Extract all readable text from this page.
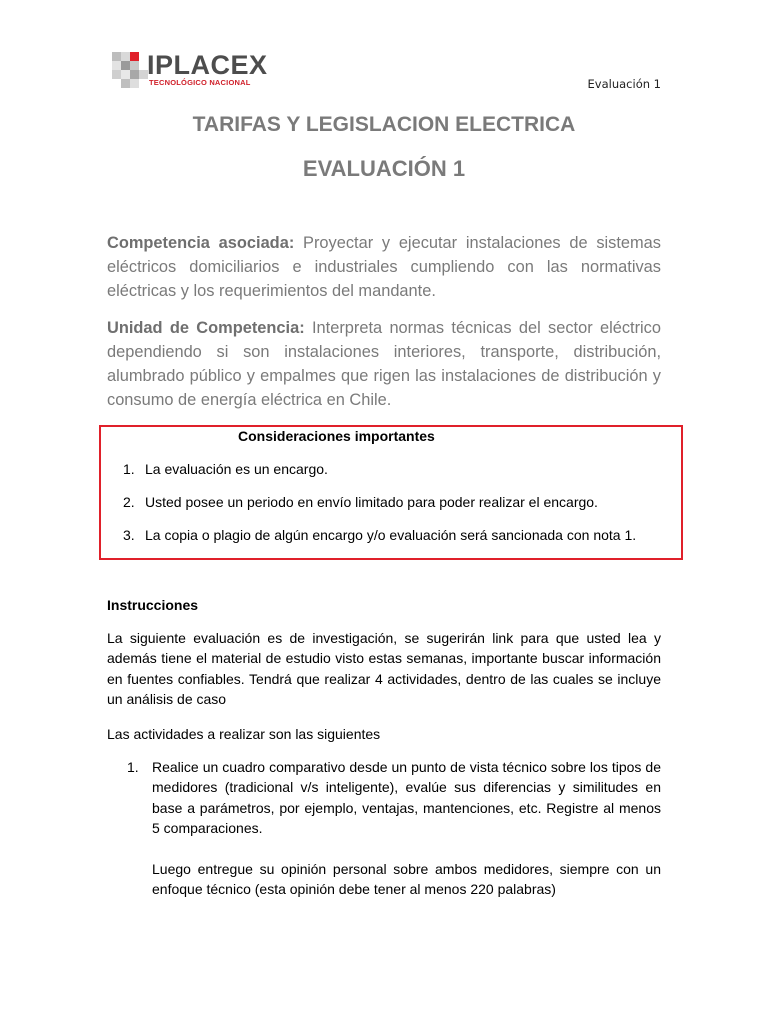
IPLACEX
TECNOLÓGICO NACIONAL	Evaluación 1
TARIFAS Y LEGISLACION ELECTRICA
EVALUACIÓN 1
Competencia asociada: Proyectar y ejecutar instalaciones de sistemas eléctricos domiciliarios e industriales cumpliendo con las normativas eléctricas y los requerimientos del mandante.
Unidad de Competencia: Interpreta normas técnicas del sector eléctrico dependiendo si son instalaciones interiores, transporte, distribución, alumbrado público y empalmes que rigen las instalaciones de distribución y consumo de energía eléctrica en Chile.
Consideraciones importantes
1. La evaluación es un encargo.
2. Usted posee un periodo en envío limitado para poder realizar el encargo.
3. La copia o plagio de algún encargo y/o evaluación será sancionada con nota 1.
Instrucciones
La siguiente evaluación es de investigación, se sugerirán link para que usted lea y además tiene el material de estudio visto estas semanas, importante buscar información en fuentes confiables. Tendrá que realizar 4 actividades, dentro de las cuales se incluye un análisis de caso
Las actividades a realizar son las siguientes
1. Realice un cuadro comparativo desde un punto de vista técnico sobre los tipos de medidores (tradicional v/s inteligente), evalúe sus diferencias y similitudes en base a parámetros, por ejemplo, ventajas, mantenciones, etc. Registre al menos 5 comparaciones.
Luego entregue su opinión personal sobre ambos medidores, siempre con un enfoque técnico (esta opinión debe tener al menos 220 palabras)
